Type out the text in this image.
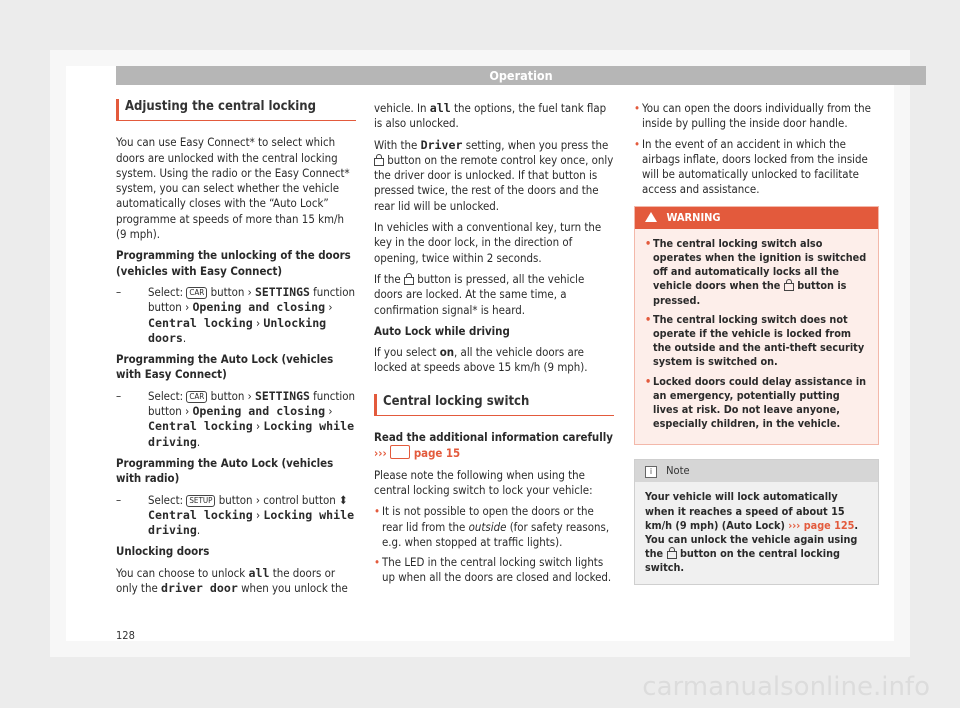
Operation
Adjusting the central locking

You can use Easy Connect* to select which doors are unlocked with the central locking system. Using the radio or the Easy Connect* system, you can select whether the vehicle automatically closes with the “Auto Lock” programme at speeds of more than 15 km/h (9 mph).

Programming the unlocking of the doors (vehicles with Easy Connect)

– Select: CAR button › SETTINGS function button › Opening and closing › Central locking › Unlocking doors.

Programming the Auto Lock (vehicles with Easy Connect)

– Select: CAR button › SETTINGS function button › Opening and closing › Central locking › Locking while driving.

Programming the Auto Lock (vehicles with radio)

– Select: SETUP button › control button ⬍ Central locking › Locking while driving.

Unlocking doors

You can choose to unlock all the doors or only the driver door when you unlock the

vehicle. In all the options, the fuel tank flap is also unlocked.

With the Driver setting, when you press the  button on the remote control key once, only the driver door is unlocked. If that button is pressed twice, the rest of the doors and the rear lid will be unlocked.

In vehicles with a conventional key, turn the key in the door lock, in the direction of opening, twice within 2 seconds.

If the button is pressed, all the vehicle doors are locked. At the same time, a confirmation signal* is heard.

Auto Lock while driving

If you select on, all the vehicle doors are locked at speeds above 15 km/h (9 mph).

Central locking switch

Read the additional information carefully ››› page 15

Please note the following when using the central locking switch to lock your vehicle:

• It is not possible to open the doors or the rear lid from the outside (for safety reasons, e.g. when stopped at traffic lights).
• The LED in the central locking switch lights up when all the doors are closed and locked.
• You can open the doors individually from the inside by pulling the inside door handle.
• In the event of an accident in which the airbags inflate, doors locked from the inside will be automatically unlocked to facilitate access and assistance.
WARNING
• The central locking switch also operates when the ignition is switched off and automatically locks all the vehicle doors when the button is pressed.
• The central locking switch does not operate if the vehicle is locked from the outside and the anti-theft security system is switched on.
• Locked doors could delay assistance in an emergency, potentially putting lives at risk. Do not leave anyone, especially children, in the vehicle.
i Note
Your vehicle will lock automatically when it reaches a speed of about 15 km/h (9 mph) (Auto Lock) ››› page 125. You can unlock the vehicle again using the button on the central locking switch.
128
carmanualsonline.info
